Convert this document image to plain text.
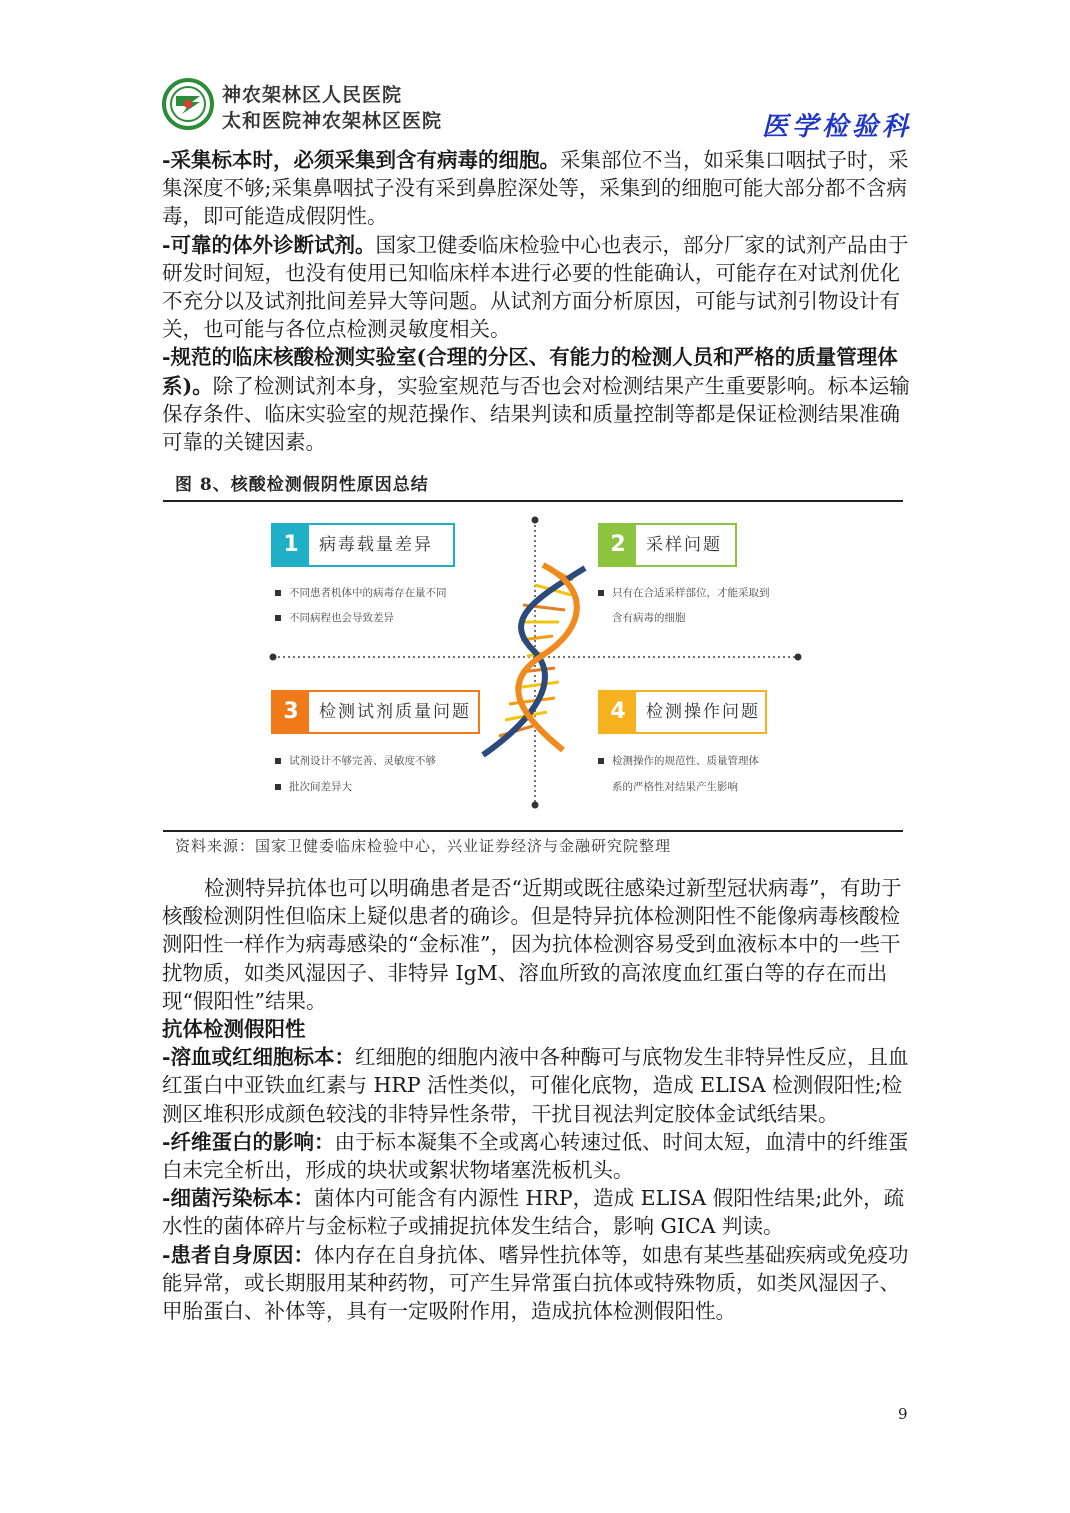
神农架林区人民医院
太和医院神农架林区医院	医学检验科

-采集标本时，必须采集到含有病毒的细胞。采集部位不当，如采集口咽拭子时，采集深度不够;采集鼻咽拭子没有采到鼻腔深处等，采集到的细胞可能大部分都不含病毒，即可能造成假阴性。

-可靠的体外诊断试剂。国家卫健委临床检验中心也表示，部分厂家的试剂产品由于研发时间短，也没有使用已知临床样本进行必要的性能确认，可能存在对试剂优化不充分以及试剂批间差异大等问题。从试剂方面分析原因，可能与试剂引物设计有关，也可能与各位点检测灵敏度相关。

-规范的临床核酸检测实验室(合理的分区、有能力的检测人员和严格的质量管理体系)。除了检测试剂本身，实验室规范与否也会对检测结果产生重要影响。标本运输保存条件、临床实验室的规范操作、结果判读和质量控制等都是保证检测结果准确可靠的关键因素。

图 8、核酸检测假阴性原因总结
1	病毒载量差异
不同患者机体中的病毒存在量不同
不同病程也会导致差异
2	采样问题
只有在合适采样部位，才能采取到
含有病毒的细胞
3	检测试剂质量问题
试剂设计不够完善、灵敏度不够
批次间差异大
4	检测操作问题
检测操作的规范性、质量管理体
系的严格性对结果产生影响
资料来源：国家卫健委临床检验中心，兴业证券经济与金融研究院整理

检测特异抗体也可以明确患者是否“近期或既往感染过新型冠状病毒”，有助于核酸检测阴性但临床上疑似患者的确诊。但是特异抗体检测阳性不能像病毒核酸检测阳性一样作为病毒感染的“金标准”，因为抗体检测容易受到血液标本中的一些干扰物质，如类风湿因子、非特异 IgM、溶血所致的高浓度血红蛋白等的存在而出现“假阳性”结果。

抗体检测假阳性

-溶血或红细胞标本：红细胞的细胞内液中各种酶可与底物发生非特异性反应，且血红蛋白中亚铁血红素与 HRP 活性类似，可催化底物，造成 ELISA 检测假阳性;检测区堆积形成颜色较浅的非特异性条带，干扰目视法判定胶体金试纸结果。

-纤维蛋白的影响：由于标本凝集不全或离心转速过低、时间太短，血清中的纤维蛋白未完全析出，形成的块状或絮状物堵塞洗板机头。

-细菌污染标本：菌体内可能含有内源性 HRP，造成 ELISA 假阳性结果;此外，疏水性的菌体碎片与金标粒子或捕捉抗体发生结合，影响 GICA 判读。

-患者自身原因：体内存在自身抗体、嗜异性抗体等，如患有某些基础疾病或免疫功能异常，或长期服用某种药物，可产生异常蛋白抗体或特殊物质，如类风湿因子、甲胎蛋白、补体等，具有一定吸附作用，造成抗体检测假阳性。

9
